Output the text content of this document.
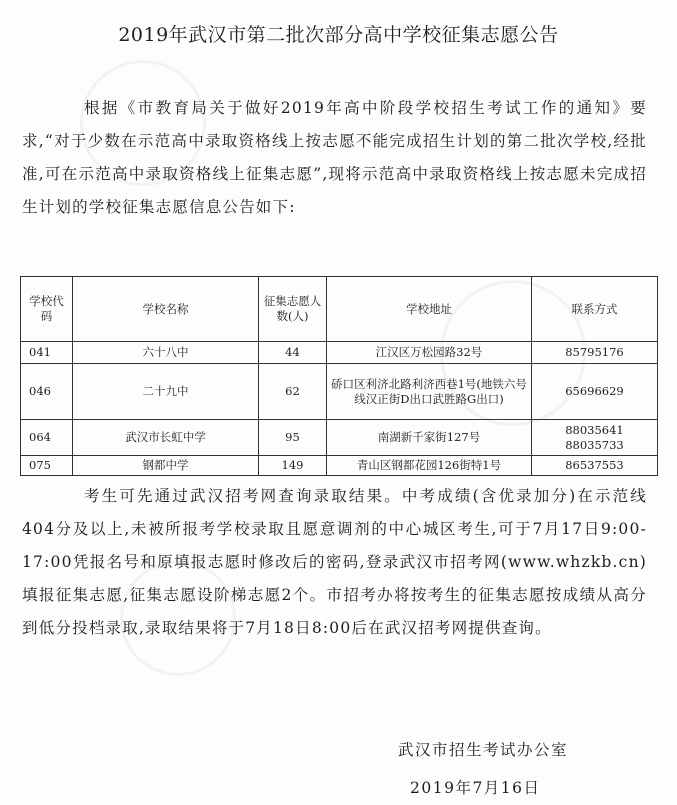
2019年武汉市第二批次部分高中学校征集志愿公告

根据《市教育局关于做好2019年高中阶段学校招生考试工作的通知》要求,“对于少数在示范高中录取资格线上按志愿不能完成招生计划的第二批次学校,经批准,可在示范高中录取资格线上征集志愿”,现将示范高中录取资格线上按志愿未完成招生计划的学校征集志愿信息公告如下:

学校代码	学校名称	征集志愿人数(人)	学校地址	联系方式
041	六十八中	44	江汉区万松园路32号	85795176
046	二十九中	62	硚口区利济北路利济西巷1号(地铁六号线汉正街D出口武胜路G出口)	65696629
064	武汉市长虹中学	95	南湖新千家街127号	88035641 88035733
075	钢都中学	149	青山区钢都花园126街特1号	86537553

考生可先通过武汉招考网查询录取结果。中考成绩(含优录加分)在示范线404分及以上,未被所报考学校录取且愿意调剂的中心城区考生,可于7月17日9:00-17:00凭报名号和原填报志愿时修改后的密码,登录武汉市招考网(www.whzkb.cn)填报征集志愿,征集志愿设阶梯志愿2个。市招考办将按考生的征集志愿按成绩从高分到低分投档录取,录取结果将于7月18日8:00后在武汉招考网提供查询。

武汉市招生考试办公室
2019年7月16日
